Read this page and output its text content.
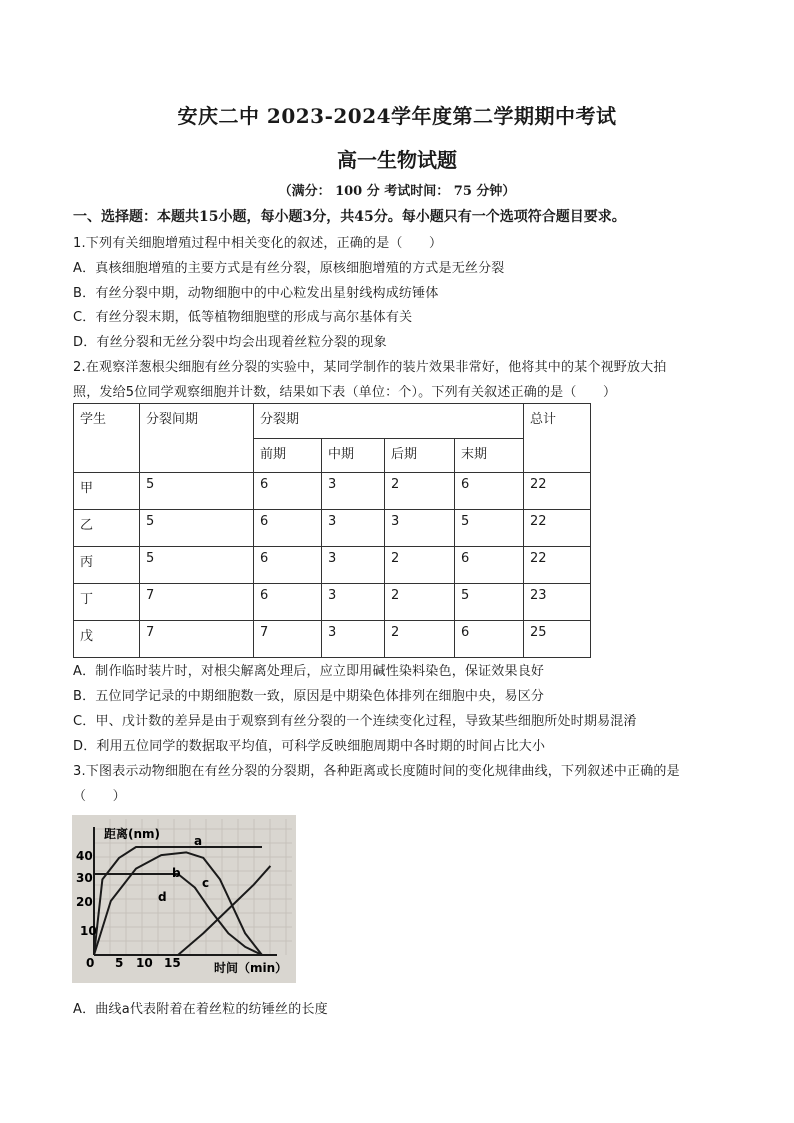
安庆二中 2023-2024学年度第二学期期中考试
高一生物试题
（满分： 100 分 考试时间： 75 分钟）
一、选择题：本题共15小题，每小题3分，共45分。每小题只有一个选项符合题目要求。
1.下列有关细胞增殖过程中相关变化的叙述，正确的是（　　）
A．真核细胞增殖的主要方式是有丝分裂，原核细胞增殖的方式是无丝分裂
B．有丝分裂中期，动物细胞中的中心粒发出星射线构成纺锤体
C．有丝分裂末期，低等植物细胞壁的形成与高尔基体有关
D．有丝分裂和无丝分裂中均会出现着丝粒分裂的现象
2.在观察洋葱根尖细胞有丝分裂的实验中，某同学制作的装片效果非常好，他将其中的某个视野放大拍
照，发给5位同学观察细胞并计数，结果如下表（单位：个）。下列有关叙述正确的是（　　）
学生	分裂间期	分裂期				总计
		前期	中期	后期	末期	
甲	5	6	3	2	6	22
乙	5	6	3	3	5	22
丙	5	6	3	2	6	22
丁	7	6	3	2	5	23
戊	7	7	3	2	6	25
A．制作临时装片时，对根尖解离处理后，应立即用碱性染料染色，保证效果良好
B．五位同学记录的中期细胞数一致，原因是中期染色体排列在细胞中央，易区分
C．甲、戊计数的差异是由于观察到有丝分裂的一个连续变化过程，导致某些细胞所处时期易混淆
D．利用五位同学的数据取平均值，可科学反映细胞周期中各时期的时间占比大小
3.下图表示动物细胞在有丝分裂的分裂期，各种距离或长度随时间的变化规律曲线，下列叙述中正确的是
（　　）
距离(nm)
时间（min）
40
30
20
10
0 5 10 15
a
b
c
d
A．曲线a代表附着在着丝粒的纺锤丝的长度
